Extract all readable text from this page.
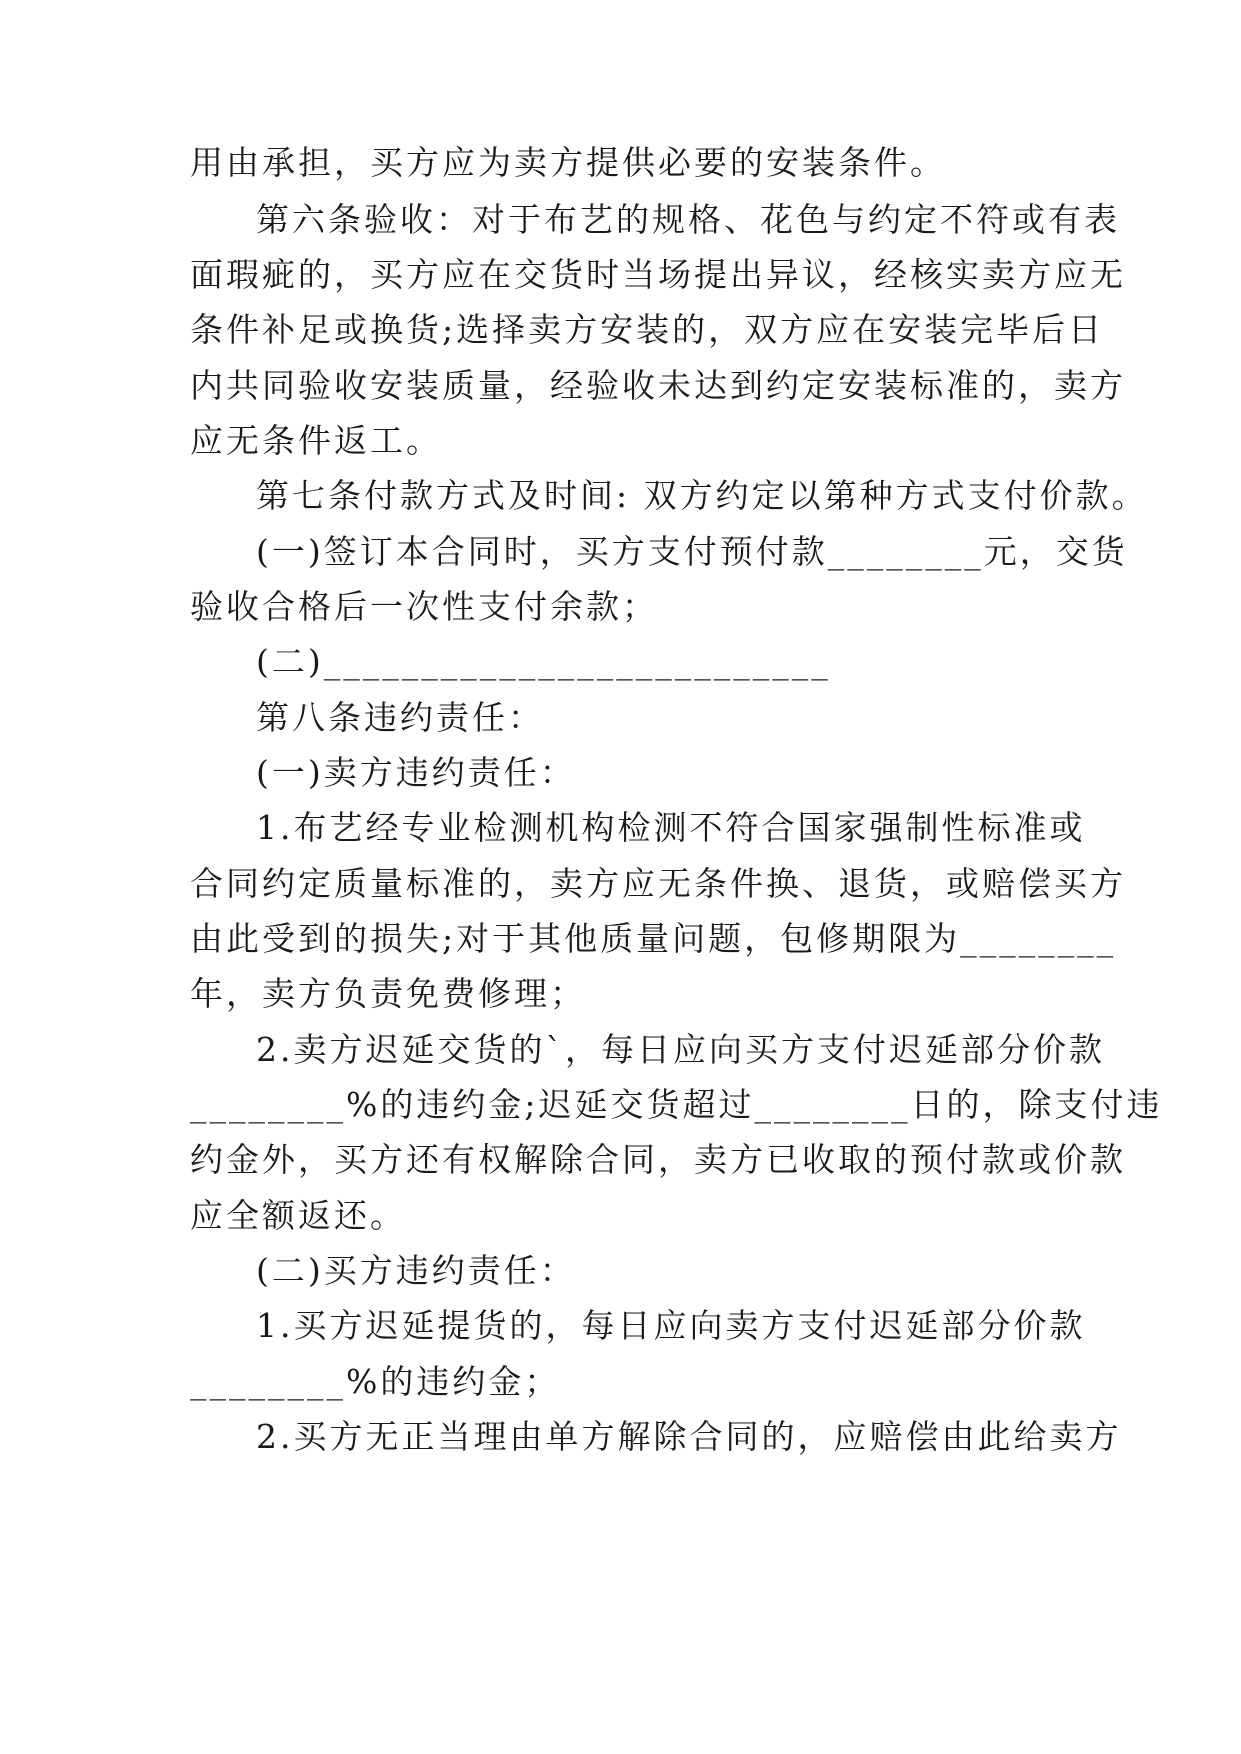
用由承担，买方应为卖方提供必要的安装条件。
第六条验收：对于布艺的规格、花色与约定不符或有表
面瑕疵的，买方应在交货时当场提出异议，经核实卖方应无
条件补足或换货;选择卖方安装的，双方应在安装完毕后日
内共同验收安装质量，经验收未达到约定安装标准的，卖方
应无条件返工。
第七条付款方式及时间: 双方约定以第种方式支付价款。
(一)签订本合同时，买方支付预付款________元，交货
验收合格后一次性支付余款；
(二)__________________________
第八条违约责任：
(一)卖方违约责任：
1.布艺经专业检测机构检测不符合国家强制性标准或
合同约定质量标准的，卖方应无条件换、退货，或赔偿买方
由此受到的损失;对于其他质量问题，包修期限为________
年，卖方负责免费修理；
2.卖方迟延交货的`，每日应向买方支付迟延部分价款
________%的违约金;迟延交货超过________日的，除支付违
约金外，买方还有权解除合同，卖方已收取的预付款或价款
应全额返还。
(二)买方违约责任：
1.买方迟延提货的，每日应向卖方支付迟延部分价款
________%的违约金；
2.买方无正当理由单方解除合同的，应赔偿由此给卖方
